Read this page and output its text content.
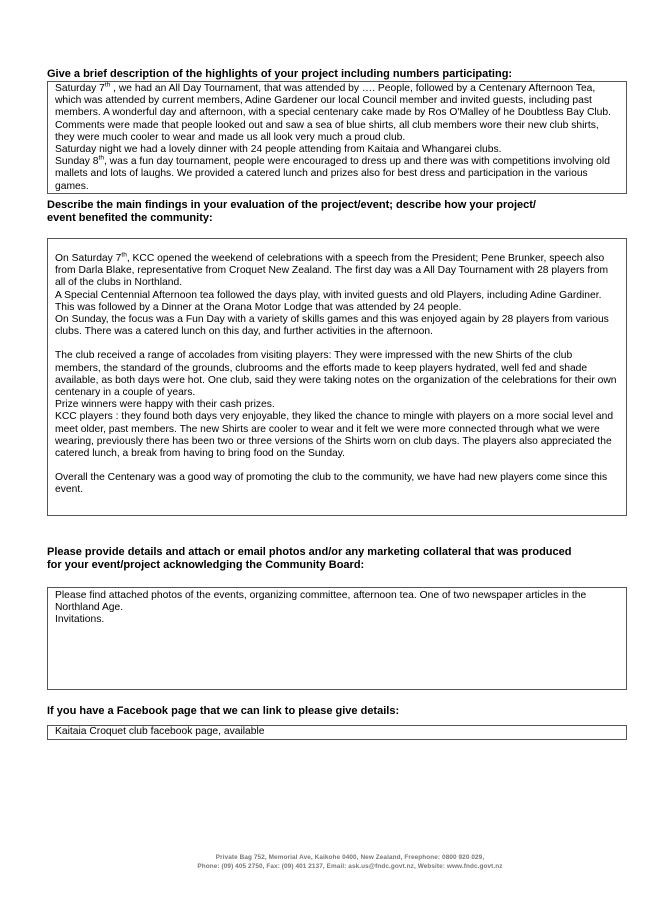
Give a brief description of the highlights of your project including numbers participating:

Saturday 7th , we had an All Day Tournament, that was attended by …. People, followed by a Centenary Afternoon Tea, which was attended by current members, Adine Gardener our local Council member and invited guests, including past members. A wonderful day and afternoon, with a special centenary cake made by Ros O'Malley of he Doubtless Bay Club. Comments were made that people looked out and saw a sea of blue shirts, all club members wore their new club shirts, they were much cooler to wear and made us all look very much a proud club.

Saturday night we had a lovely dinner with 24 people attending from Kaitaia and Whangarei clubs.

Sunday 8th, was a fun day tournament, people were encouraged to dress up and there was with competitions involving old mallets and lots of laughs. We provided a catered lunch and prizes also for best dress and participation in the various games.

Describe the main findings in your evaluation of the project/event; describe how your project/
event benefited the community:

On Saturday 7th, KCC opened the weekend of celebrations with a speech from the President; Pene Brunker, speech also from Darla Blake, representative from Croquet New Zealand. The first day was a All Day Tournament with 28 players from all of the clubs in Northland.

A Special Centennial Afternoon tea followed the days play, with invited guests and old Players, including Adine Gardiner.

This was followed by a Dinner at the Orana Motor Lodge that was attended by 24 people.

On Sunday, the focus was a Fun Day with a variety of skills games and this was enjoyed again by 28 players from various clubs. There was a catered lunch on this day, and further activities in the afternoon.

The club received a range of accolades from visiting players: They were impressed with the new Shirts of the club members, the standard of the grounds, clubrooms and the efforts made to keep players hydrated, well fed and shade available, as both days were hot. One club, said they were taking notes on the organization of the celebrations for their own centenary in a couple of years.

Prize winners were happy with their cash prizes.

KCC players : they found both days very enjoyable, they liked the chance to mingle with players on a more social level and meet older, past members. The new Shirts are cooler to wear and it felt we were more connected through what we were wearing, previously there has been two or three versions of the Shirts worn on club days. The players also appreciated the catered lunch, a break from having to bring food on the Sunday.

Overall the Centenary was a good way of promoting the club to the community, we have had new players come since this event.

Please provide details and attach or email photos and/or any marketing collateral that was produced
for your event/project acknowledging the Community Board:

Please find attached photos of the events, organizing committee, afternoon tea. One of two newspaper articles in the Northland Age.

Invitations.

If you have a Facebook page that we can link to please give details:

Kaitaia Croquet club facebook page, available

Private Bag 752, Memorial Ave, Kaikohe 0400, New Zealand, Freephone: 0800 920 029,
Phone: (09) 405 2750, Fax: (09) 401 2137, Email: ask.us@fndc.govt.nz, Website: www.fndc.govt.nz
